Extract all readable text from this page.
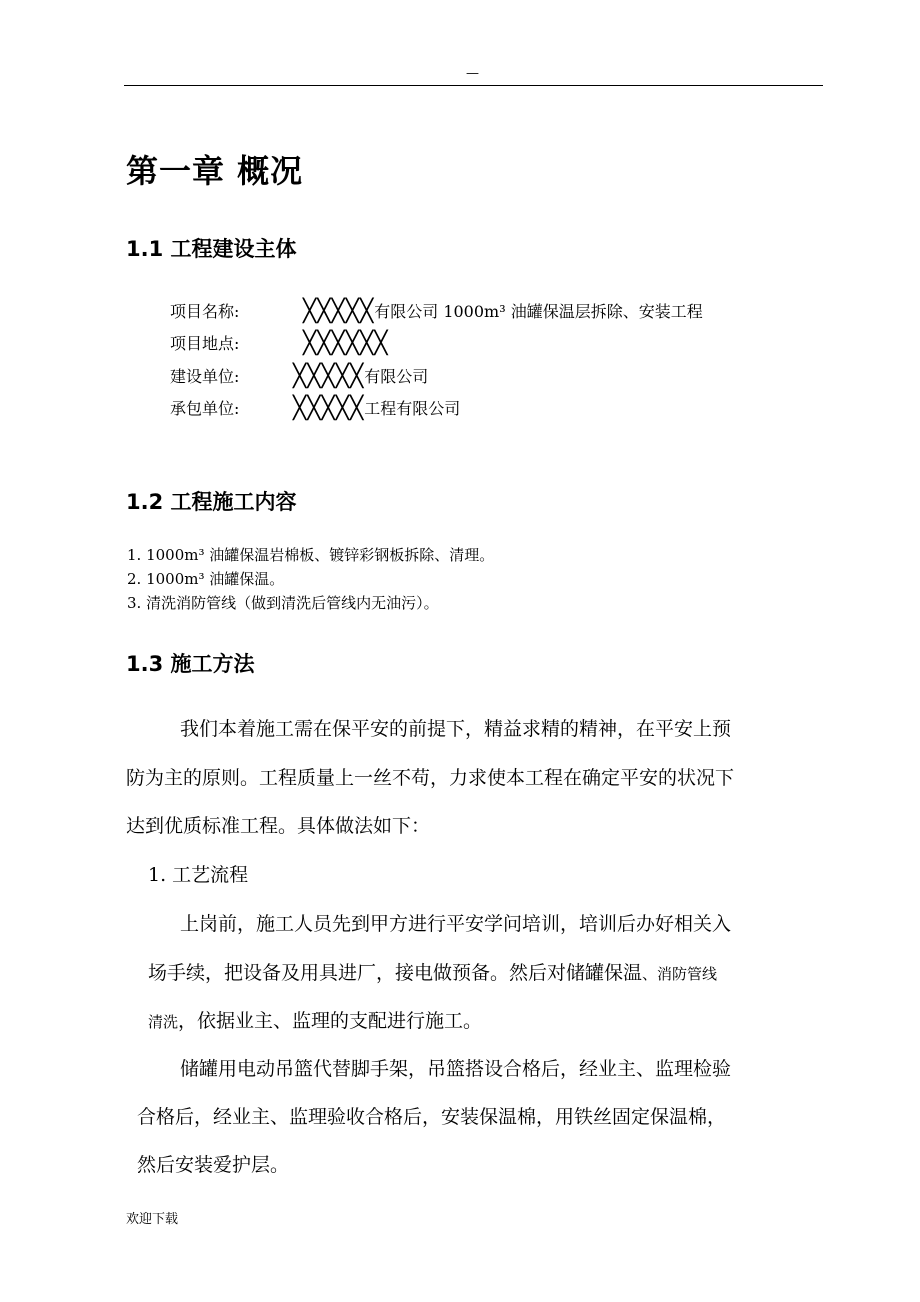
—
第一章 概况
1.1 工程建设主体
项目名称:	╳╳╳╳╳有限公司 1000m³ 油罐保温层拆除、安装工程
项目地点:	╳╳╳╳╳╳
建设单位: ╳╳╳╳╳有限公司
承包单位: ╳╳╳╳╳工程有限公司
1.2 工程施工内容
1. 1000m³ 油罐保温岩棉板、镀锌彩钢板拆除、清理。
2. 1000m³ 油罐保温。
3. 清洗消防管线（做到清洗后管线内无油污）。
1.3 施工方法
我们本着施工需在保平安的前提下，精益求精的精神，在平安上预
防为主的原则。工程质量上一丝不苟，力求使本工程在确定平安的状况下
达到优质标准工程。具体做法如下：
1. 工艺流程
上岗前，施工人员先到甲方进行平安学问培训，培训后办好相关入
场手续，把设备及用具进厂，接电做预备。然后对储罐保温、消防管线
清洗，依据业主、监理的支配进行施工。
储罐用电动吊篮代替脚手架，吊篮搭设合格后，经业主、监理检验
合格后，经业主、监理验收合格后，安装保温棉，用铁丝固定保温棉，
然后安装爱护层。
欢迎下载
